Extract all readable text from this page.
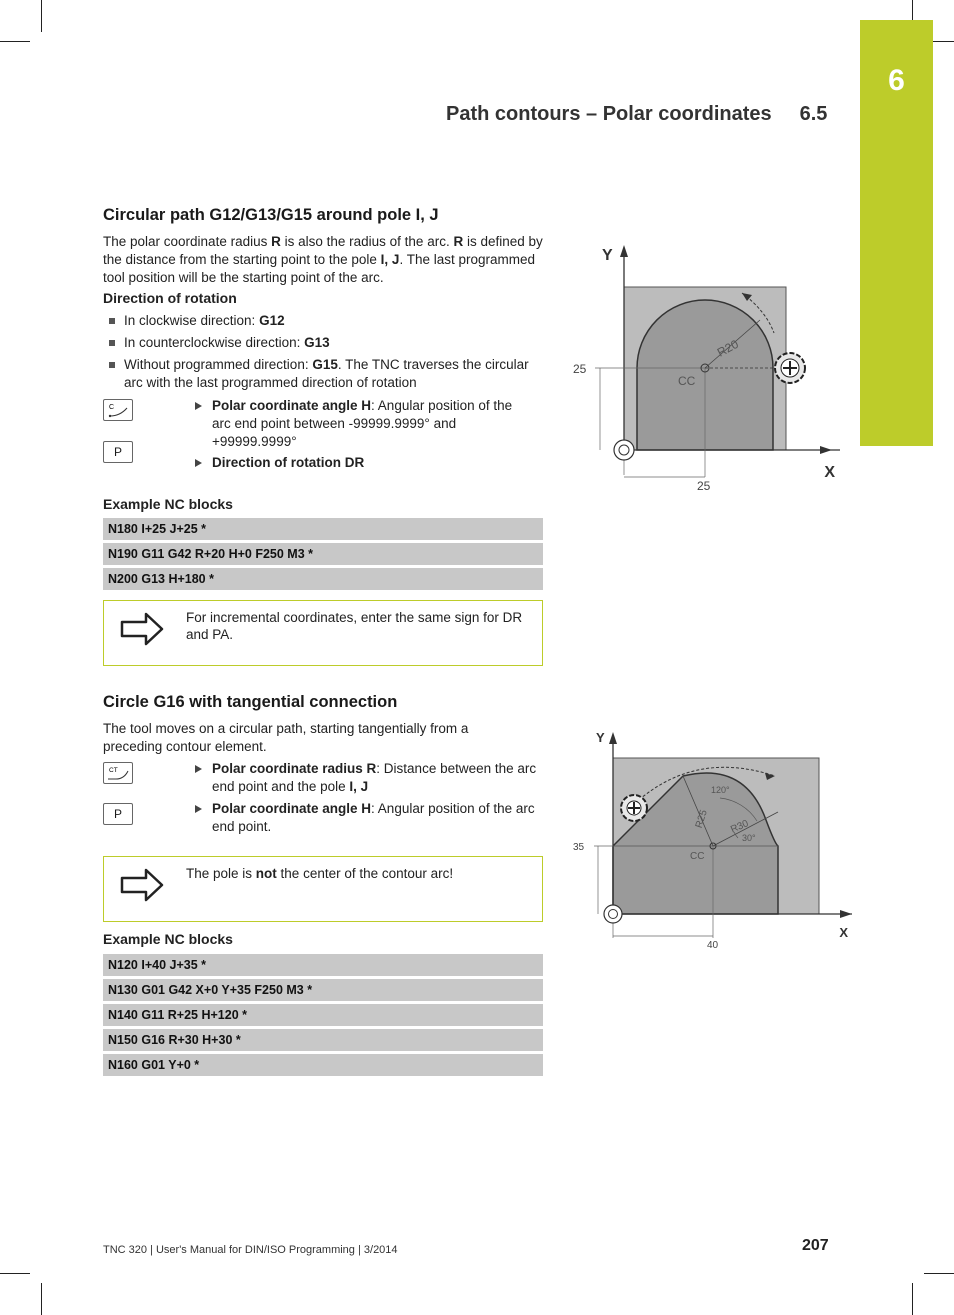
6
Path contours – Polar coordinates 6.5
Circular path G12/G13/G15 around pole I, J
The polar coordinate radius R is also the radius of the arc. R is defined by the distance from the starting point to the pole I, J. The last programmed tool position will be the starting point of the arc.
Direction of rotation
In clockwise direction: G12
In counterclockwise direction: G13
Without programmed direction: G15. The TNC traverses the circular arc with the last programmed direction of rotation
C
P
Polar coordinate angle H: Angular position of the arc end point between -99999.9999° and +99999.9999°
Direction of rotation DR
Example NC blocks
N180 I+25 J+25 *
N190 G11 G42 R+20 H+0 F250 M3 *
N200 G13 H+180 *
For incremental coordinates, enter the same sign for DR and PA.
Y
X
CC
R20
25
25
Circle G16 with tangential connection
The tool moves on a circular path, starting tangentially from a preceding contour element.
CT
P
Polar coordinate radius R: Distance between the arc end point and the pole I, J
Polar coordinate angle H: Angular position of the arc end point.
The pole is not the center of the contour arc!
Example NC blocks
N120 I+40 J+35 *
N130 G01 G42 X+0 Y+35 F250 M3 *
N140 G11 R+25 H+120 *
N150 G16 R+30 H+30 *
N160 G01 Y+0 *
Y
X
CC
R25 R30
120°
30°
35
40
TNC 320 | User's Manual for DIN/ISO Programming | 3/2014	207
